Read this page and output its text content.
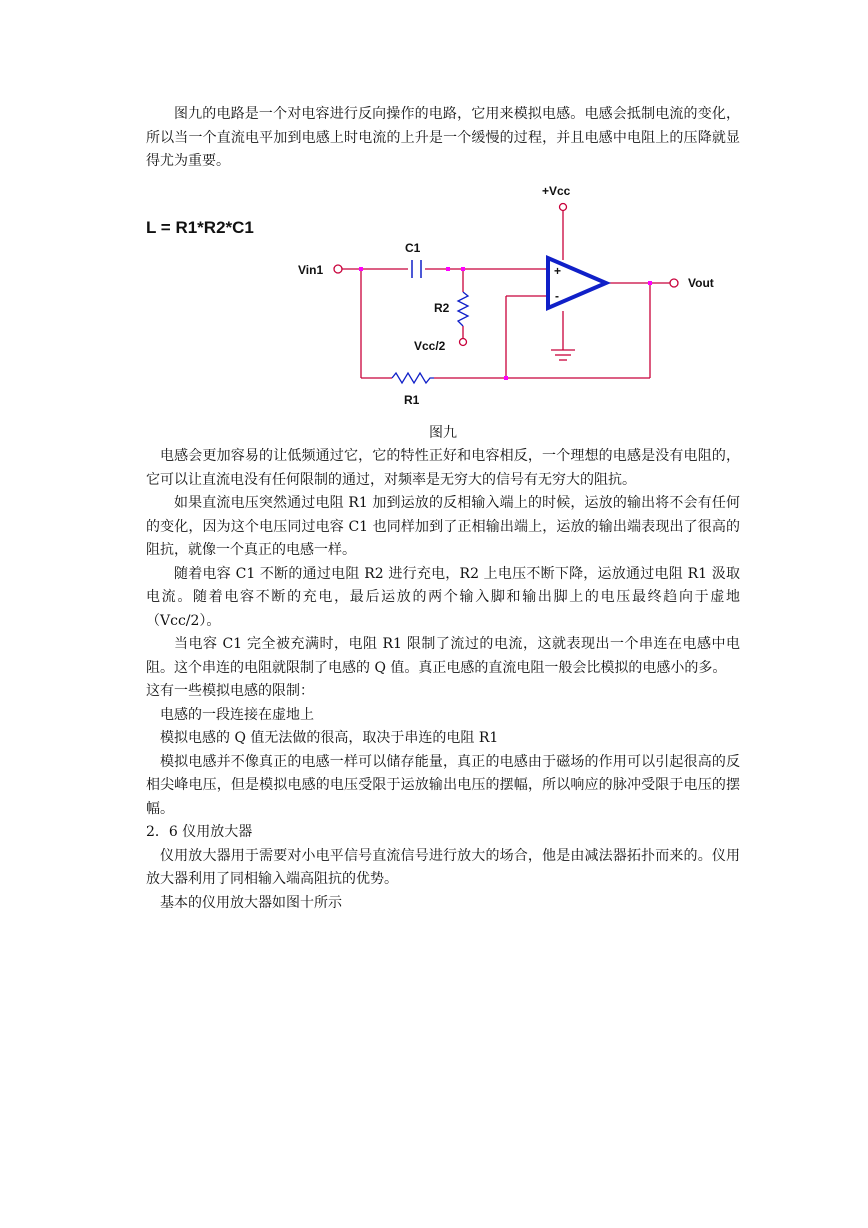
图九的电路是一个对电容进行反向操作的电路，它用来模拟电感。电感会抵制电流的变化，所以当一个直流电平加到电感上时电流的上升是一个缓慢的过程，并且电感中电阻上的压降就显得尤为重要。

L = R1*R2*C1
+Vcc
C1
Vin1	+
-
Vout
R2
Vcc/2
R1
图九

电感会更加容易的让低频通过它，它的特性正好和电容相反，一个理想的电感是没有电阻的，它可以让直流电没有任何限制的通过，对频率是无穷大的信号有无穷大的阻抗。

如果直流电压突然通过电阻 R1 加到运放的反相输入端上的时候，运放的输出将不会有任何的变化，因为这个电压同过电容 C1 也同样加到了正相输出端上，运放的输出端表现出了很高的阻抗，就像一个真正的电感一样。

随着电容 C1 不断的通过电阻 R2 进行充电，R2 上电压不断下降，运放通过电阻 R1 汲取电流。随着电容不断的充电，最后运放的两个输入脚和输出脚上的电压最终趋向于虚地（Vcc/2）。

当电容 C1 完全被充满时，电阻 R1 限制了流过的电流，这就表现出一个串连在电感中电阻。这个串连的电阻就限制了电感的 Q 值。真正电感的直流电阻一般会比模拟的电感小的多。

这有一些模拟电感的限制：

电感的一段连接在虚地上

模拟电感的 Q 值无法做的很高，取决于串连的电阻 R1

模拟电感并不像真正的电感一样可以储存能量，真正的电感由于磁场的作用可以引起很高的反相尖峰电压，但是模拟电感的电压受限于运放输出电压的摆幅，所以响应的脉冲受限于电压的摆幅。

2．6 仪用放大器

仪用放大器用于需要对小电平信号直流信号进行放大的场合，他是由减法器拓扑而来的。仪用放大器利用了同相输入端高阻抗的优势。

基本的仪用放大器如图十所示
